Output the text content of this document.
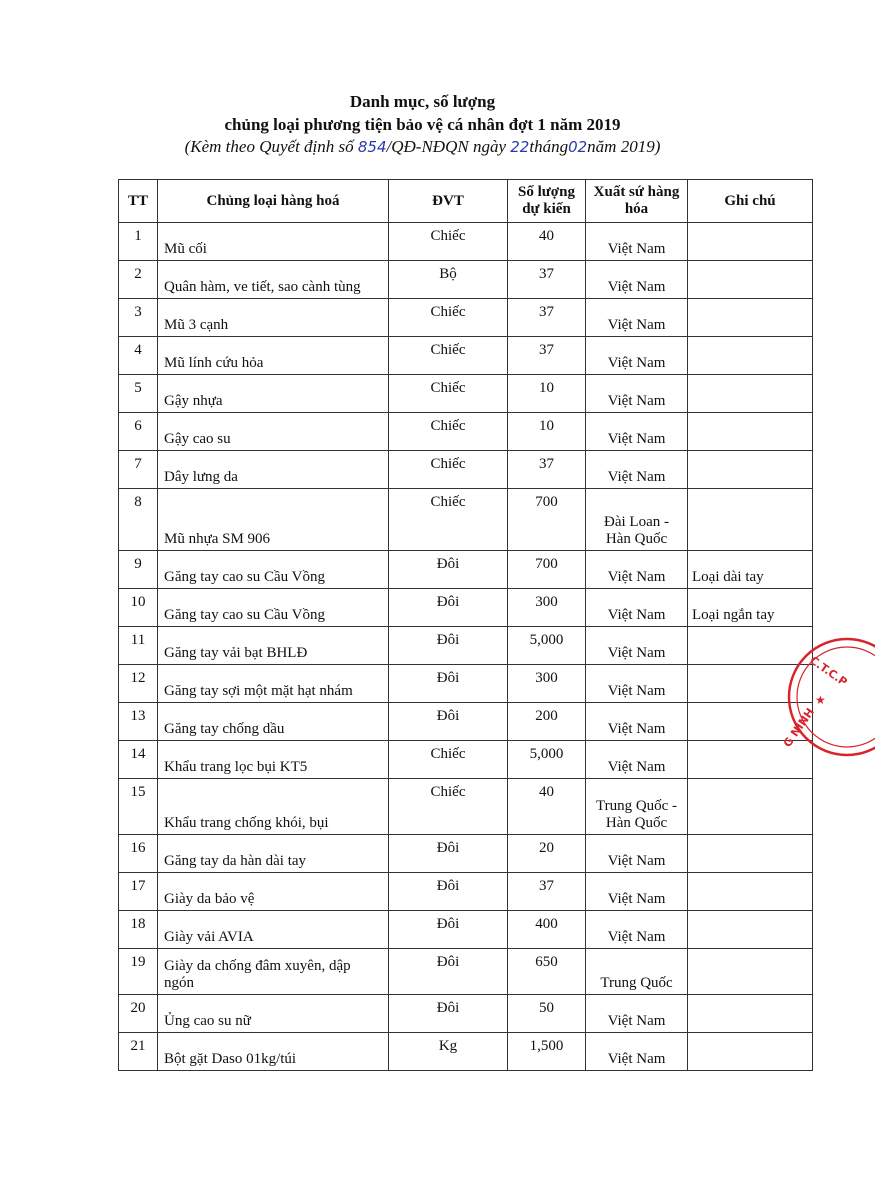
Danh mục, số lượng
chủng loại phương tiện bảo vệ cá nhân đợt 1 năm 2019
(Kèm theo Quyết định số 854/QĐ-NĐQN ngày 22tháng02năm 2019)
TT	Chủng loại hàng hoá	ĐVT	Số lượng dự kiến	Xuất sứ hàng hóa	Ghi chú
1	Mũ cối	Chiếc	40	Việt Nam	
2	Quân hàm, ve tiết, sao cành tùng	Bộ	37	Việt Nam	
3	Mũ 3 cạnh	Chiếc	37	Việt Nam	
4	Mũ lính cứu hỏa	Chiếc	37	Việt Nam	
5	Gậy nhựa	Chiếc	10	Việt Nam	
6	Gậy cao su	Chiếc	10	Việt Nam	
7	Dây lưng da	Chiếc	37	Việt Nam	
8	Mũ nhựa SM 906	Chiếc	700	Đài Loan - Hàn Quốc	
9	Găng tay cao su Cầu Vồng	Đôi	700	Việt Nam	Loại dài tay
10	Găng tay cao su Cầu Vồng	Đôi	300	Việt Nam	Loại ngắn tay
11	Găng tay vải bạt BHLĐ	Đôi	5,000	Việt Nam	
12	Găng tay sợi một mặt hạt nhám	Đôi	300	Việt Nam	
13	Găng tay chống dầu	Đôi	200	Việt Nam	
14	Khẩu trang lọc bụi KT5	Chiếc	5,000	Việt Nam	
15	Khẩu trang chống khói, bụi	Chiếc	40	Trung Quốc - Hàn Quốc	
16	Găng tay da hàn dài tay	Đôi	20	Việt Nam	
17	Giày da bảo vệ	Đôi	37	Việt Nam	
18	Giày vải AVIA	Đôi	400	Việt Nam	
19	Giày da chống đâm xuyên, dập ngón	Đôi	650	Trung Quốc	
20	Ủng cao su nữ	Đôi	50	Việt Nam	
21	Bột gặt Daso 01kg/túi	Kg	1,500	Việt Nam	
C.T.C.P
★
G NINH
